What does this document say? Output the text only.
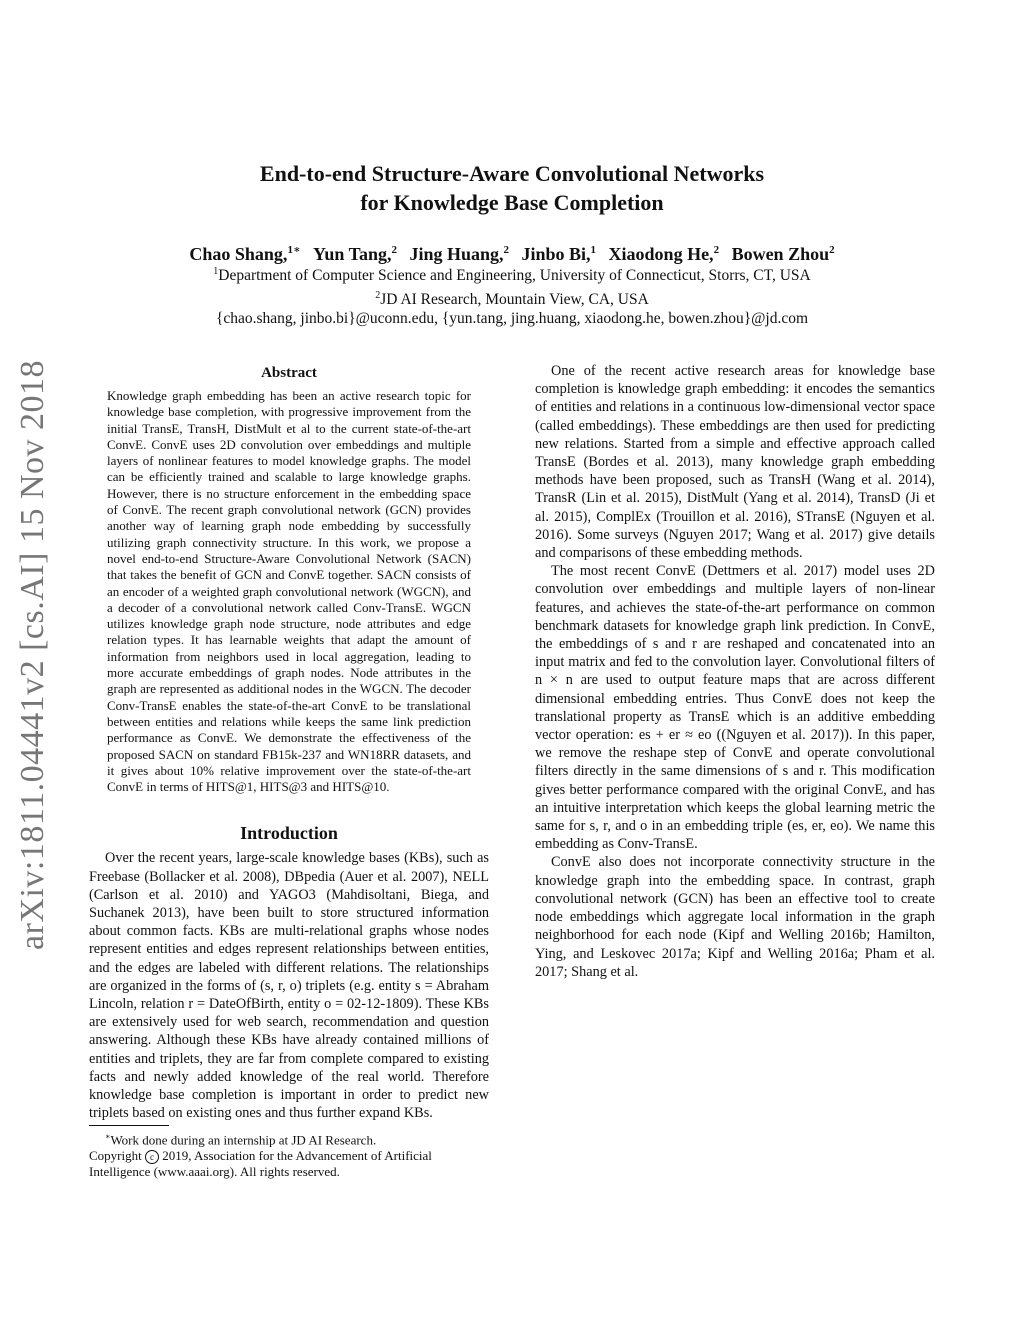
arXiv:1811.04441v2 [cs.AI] 15 Nov 2018
End-to-end Structure-Aware Convolutional Networks
for Knowledge Base Completion
Chao Shang,$^{1∗}$ Yun Tang,$^2$ Jing Huang,$^2$ Jinbo Bi,$^1$ Xiaodong He,$^2$ Bowen Zhou$^2$
$^1$Department of Computer Science and Engineering, University of Connecticut, Storrs, CT, USA
$^2$JD AI Research, Mountain View, CA, USA
{chao.shang, jinbo.bi}@uconn.edu, {yun.tang, jing.huang, xiaodong.he, bowen.zhou}@jd.com
Abstract
Knowledge graph embedding has been an active research topic for knowledge base completion, with progressive improvement from the initial TransE, TransH, DistMult et al to the current state-of-the-art ConvE. ConvE uses 2D convolution over embeddings and multiple layers of nonlinear features to model knowledge graphs. The model can be efficiently trained and scalable to large knowledge graphs. However, there is no structure enforcement in the embedding space of ConvE. The recent graph convolutional network (GCN) provides another way of learning graph node embedding by successfully utilizing graph connectivity structure. In this work, we propose a novel end-to-end Structure-Aware Convolutional Network (SACN) that takes the benefit of GCN and ConvE together. SACN consists of an encoder of a weighted graph convolutional network (WGCN), and a decoder of a convolutional network called Conv-TransE. WGCN utilizes knowledge graph node structure, node attributes and edge relation types. It has learnable weights that adapt the amount of information from neighbors used in local aggregation, leading to more accurate embeddings of graph nodes. Node attributes in the graph are represented as additional nodes in the WGCN. The decoder Conv-TransE enables the state-of-the-art ConvE to be translational between entities and relations while keeps the same link prediction performance as ConvE. We demonstrate the effectiveness of the proposed SACN on standard FB15k-237 and WN18RR datasets, and it gives about 10% relative improvement over the state-of-the-art ConvE in terms of HITS@1, HITS@3 and HITS@10.
Introduction

Over the recent years, large-scale knowledge bases (KBs), such as Freebase (Bollacker et al. 2008), DBpedia (Auer et al. 2007), NELL (Carlson et al. 2010) and YAGO3 (Mahdisoltani, Biega, and Suchanek 2013), have been built to store structured information about common facts. KBs are multi-relational graphs whose nodes represent entities and edges represent relationships between entities, and the edges are labeled with different relations. The relationships are organized in the forms of (s, r, o) triplets (e.g. entity s = Abraham Lincoln, relation r = DateOfBirth, entity o = 02-12-1809). These KBs are extensively used for web search, recommendation and question answering. Although these KBs have already contained millions of entities and triplets, they are far from complete compared to existing facts and newly added knowledge of the real world. Therefore knowledge base completion is important in order to predict new triplets based on existing ones and thus further expand KBs.

One of the recent active research areas for knowledge base completion is knowledge graph embedding: it encodes the semantics of entities and relations in a continuous low-dimensional vector space (called embeddings). These embeddings are then used for predicting new relations. Started from a simple and effective approach called TransE (Bordes et al. 2013), many knowledge graph embedding methods have been proposed, such as TransH (Wang et al. 2014), TransR (Lin et al. 2015), DistMult (Yang et al. 2014), TransD (Ji et al. 2015), ComplEx (Trouillon et al. 2016), STransE (Nguyen et al. 2016). Some surveys (Nguyen 2017; Wang et al. 2017) give details and comparisons of these embedding methods.

The most recent ConvE (Dettmers et al. 2017) model uses 2D convolution over embeddings and multiple layers of non-linear features, and achieves the state-of-the-art performance on common benchmark datasets for knowledge graph link prediction. In ConvE, the embeddings of s and r are reshaped and concatenated into an input matrix and fed to the convolution layer. Convolutional filters of n × n are used to output feature maps that are across different dimensional embedding entries. Thus ConvE does not keep the translational property as TransE which is an additive embedding vector operation: es + er ≈ eo ((Nguyen et al. 2017)). In this paper, we remove the reshape step of ConvE and operate convolutional filters directly in the same dimensions of s and r. This modification gives better performance compared with the original ConvE, and has an intuitive interpretation which keeps the global learning metric the same for s, r, and o in an embedding triple (es, er, eo). We name this embedding as Conv-TransE.

ConvE also does not incorporate connectivity structure in the knowledge graph into the embedding space. In contrast, graph convolutional network (GCN) has been an effective tool to create node embeddings which aggregate local information in the graph neighborhood for each node (Kipf and Welling 2016b; Hamilton, Ying, and Leskovec 2017a; Kipf and Welling 2016a; Pham et al. 2017; Shang et al.

∗Work done during an internship at JD AI Research.
Copyright c 2019, Association for the Advancement of Artificial Intelligence (www.aaai.org). All rights reserved.
